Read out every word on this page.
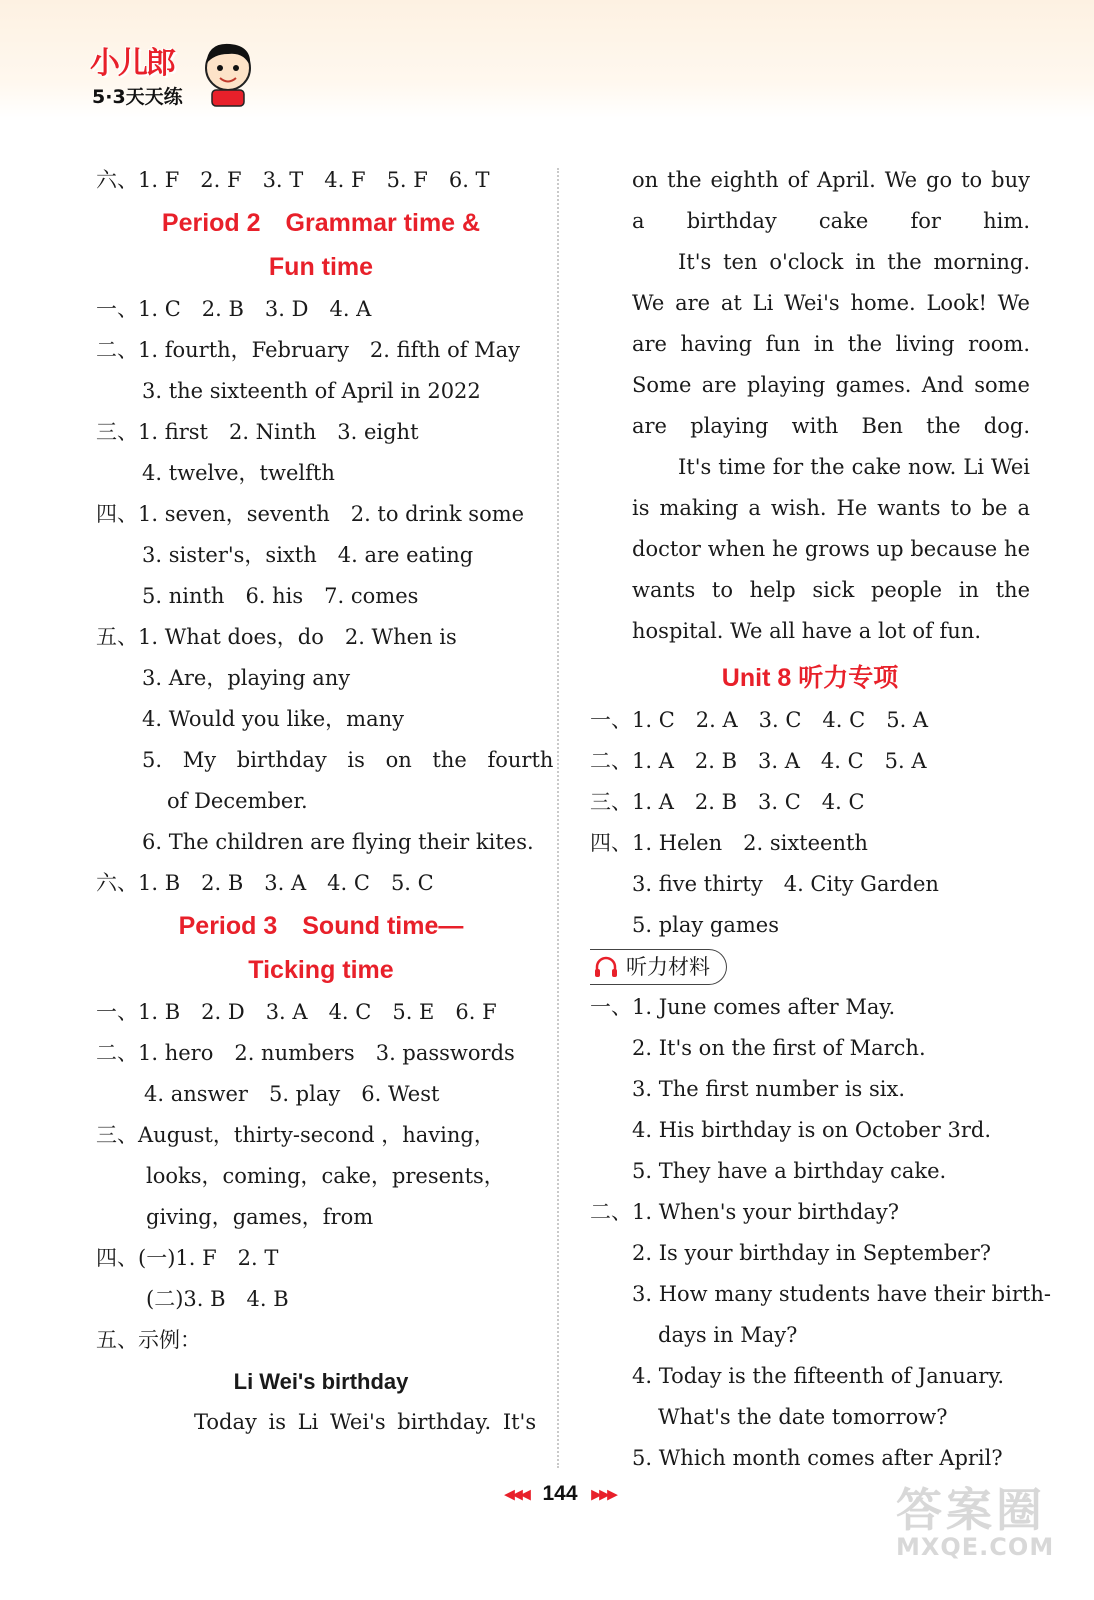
小儿郎
5·3天天练
六、1. F　2. F　3. T　4. F　5. F　6. T
Period 2　Grammar time &
Fun time
一、1. C　2. B　3. D　4. A
二、1. fourth，February　2. fifth of May
3. the sixteenth of April in 2022
三、1. first　2. Ninth　3. eight
4. twelve，twelfth
四、1. seven，seventh　2. to drink some
3. sister's，sixth　4. are eating
5. ninth　6. his　7. comes
五、1. What does，do　2. When is
3. Are，playing any
4. Would you like，many
5. My birthday is on the fourth
of December.
6. The children are flying their kites.
六、1. B　2. B　3. A　4. C　5. C
Period 3　Sound time—
Ticking time
一、1. B　2. D　3. A　4. C　5. E　6. F
二、1. hero　2. numbers　3. passwords
4. answer　5. play　6. West
三、August，thirty-second ，having，
looks，coming，cake，presents，
giving，games，from
四、(一)1. F　2. T
(二)3. B　4. B
五、示例：
Li Wei's birthday
Today is Li Wei's birthday. It's
on the eighth of April. We go to buy a birthday cake for him.
It's ten o'clock in the morning. We are at Li Wei's home. Look! We are having fun in the living room. Some are playing games. And some are playing with Ben the dog.
It's time for the cake now. Li Wei is making a wish. He wants to be a doctor when he grows up because he wants to help sick people in the hospital. We all have a lot of fun.
Unit 8 听力专项
一、1. C　2. A　3. C　4. C　5. A
二、1. A　2. B　3. A　4. C　5. A
三、1. A　2. B　3. C　4. C
四、1. Helen　2. sixteenth
3. five thirty　4. City Garden
5. play games
听力材料
一、1. June comes after May.
2. It's on the first of March.
3. The first number is six.
4. His birthday is on October 3rd.
5. They have a birthday cake.
二、1. When's your birthday?
2. Is your birthday in September?
3. How many students have their birth-
days in May?
4. Today is the fifteenth of January.
What's the date tomorrow?
5. Which month comes after April?
◀◀◀ 144 ▶▶▶	答案圈
MXQE.COM
